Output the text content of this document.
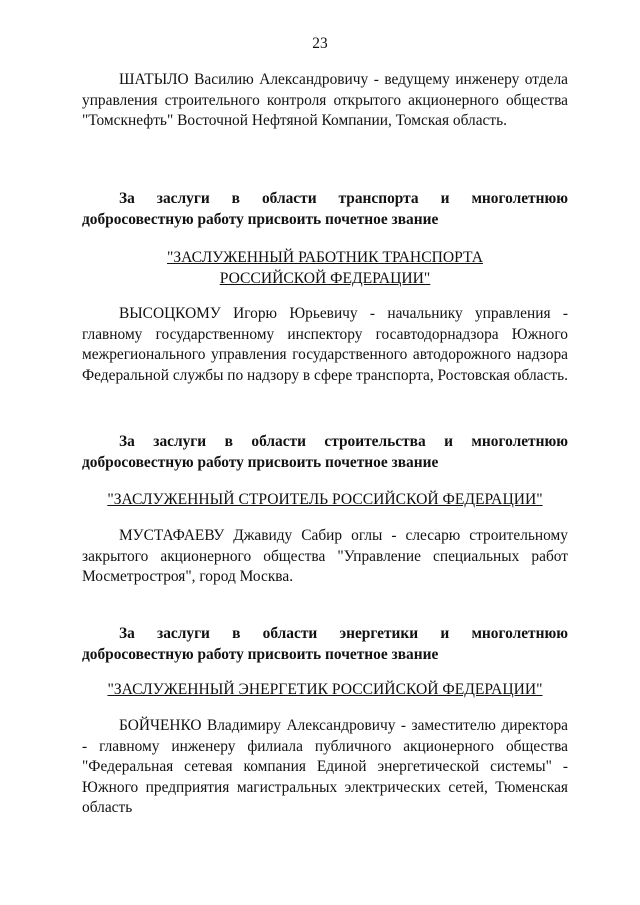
23

ШАТЫЛО Василию Александровичу - ведущему инженеру отдела управления строительного контроля открытого акционерного общества "Томскнефть" Восточной Нефтяной Компании, Томская область.

За заслуги в области транспорта и многолетнюю добросовестную работу присвоить почетное звание

"ЗАСЛУЖЕННЫЙ РАБОТНИК ТРАНСПОРТА

РОССИЙСКОЙ ФЕДЕРАЦИИ"

ВЫСОЦКОМУ Игорю Юрьевичу - начальнику управления - главному государственному инспектору госавтодорнадзора Южного межрегионального управления государственного автодорожного надзора Федеральной службы по надзору в сфере транспорта, Ростовская область.

За заслуги в области строительства и многолетнюю добросовестную работу присвоить почетное звание

"ЗАСЛУЖЕННЫЙ СТРОИТЕЛЬ РОССИЙСКОЙ ФЕДЕРАЦИИ"

МУСТАФАЕВУ Джавиду Сабир оглы - слесарю строительному закрытого акционерного общества "Управление специальных работ Мосметростроя", город Москва.

За заслуги в области энергетики и многолетнюю добросовестную работу присвоить почетное звание

"ЗАСЛУЖЕННЫЙ ЭНЕРГЕТИК РОССИЙСКОЙ ФЕДЕРАЦИИ"

БОЙЧЕНКО Владимиру Александровичу - заместителю директора - главному инженеру филиала публичного акционерного общества "Федеральная сетевая компания Единой энергетической системы" - Южного предприятия магистральных электрических сетей, Тюменская область
